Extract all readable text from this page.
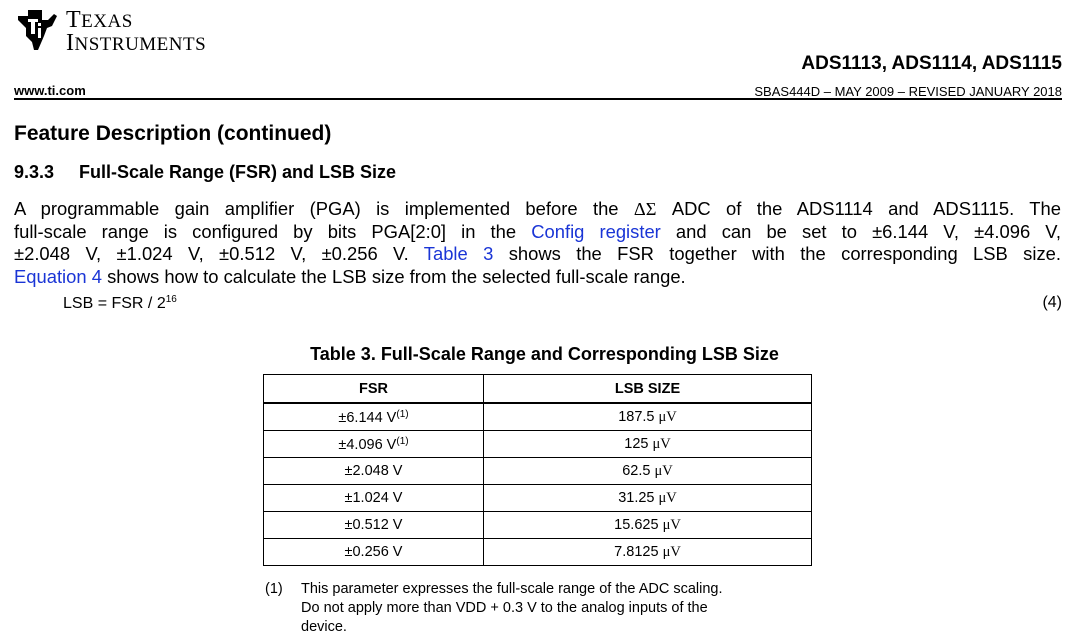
TEXAS
INSTRUMENTS
ADS1113, ADS1114, ADS1115
www.ti.com	SBAS444D – MAY 2009 – REVISED JANUARY 2018
Feature Description (continued)
9.3.3 Full-Scale Range (FSR) and LSB Size
A programmable gain amplifier (PGA) is implemented before the ΔΣ ADC of the ADS1114 and ADS1115. The
full-scale range is configured by bits PGA[2:0] in the Config register and can be set to ±6.144 V, ±4.096 V,
±2.048 V, ±1.024 V, ±0.512 V, ±0.256 V. Table 3 shows the FSR together with the corresponding LSB size.
Equation 4 shows how to calculate the LSB size from the selected full-scale range.
LSB = FSR / $2^{16}$	(4)
Table 3. Full-Scale Range and Corresponding LSB Size
FSR	LSB SIZE
±6.144 $V^{(1)}$	187.5 μV
±4.096 $V^{(1)}$	125 μV
±2.048 V	62.5 μV
±1.024 V	31.25 μV
±0.512 V	15.625 μV
±0.256 V	7.8125 μV
(1) This parameter expresses the full-scale range of the ADC scaling.
Do not apply more than VDD + 0.3 V to the analog inputs of the
device.
